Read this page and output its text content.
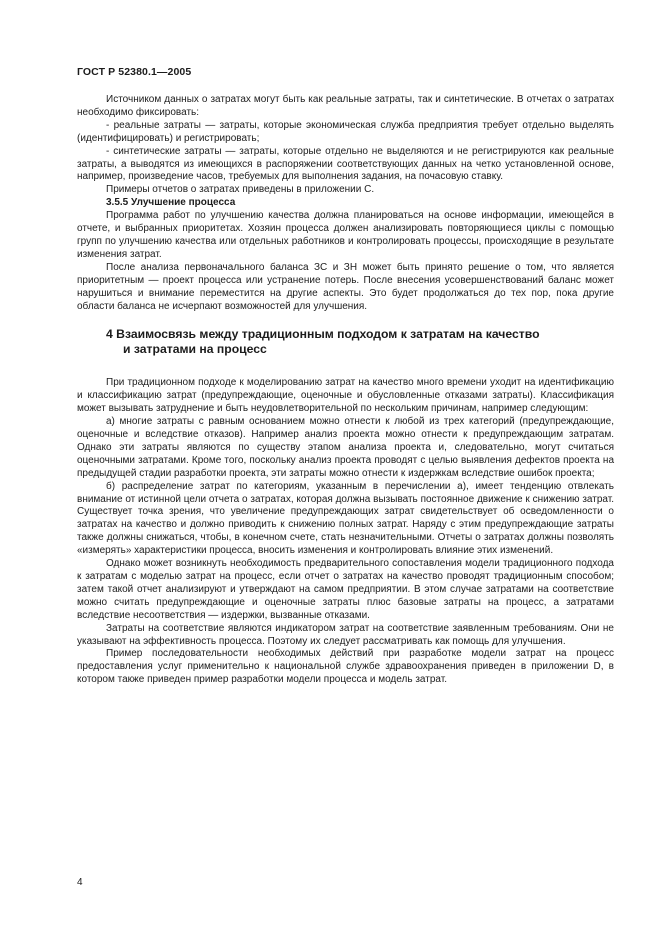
ГОСТ Р 52380.1—2005

Источником данных о затратах могут быть как реальные затраты, так и синтетические. В отчетах о затратах необходимо фиксировать:

- реальные затраты — затраты, которые экономическая служба предприятия требует отдельно выделять (идентифицировать) и регистрировать;

- синтетические затраты — затраты, которые отдельно не выделяются и не регистрируются как реальные затраты, а выводятся из имеющихся в распоряжении соответствующих данных на четко установленной основе, например, произведение часов, требуемых для выполнения задания, на почасовую ставку.

Примеры отчетов о затратах приведены в приложении С.

3.5.5 Улучшение процесса

Программа работ по улучшению качества должна планироваться на основе информации, имеющейся в отчете, и выбранных приоритетах. Хозяин процесса должен анализировать повторяющиеся циклы с помощью групп по улучшению качества или отдельных работников и контролировать процессы, происходящие в результате изменения затрат.

После анализа первоначального баланса ЗС и ЗН может быть принято решение о том, что является приоритетным — проект процесса или устранение потерь. После внесения усовершенствований баланс может нарушиться и внимание переместится на другие аспекты. Это будет продолжаться до тех пор, пока другие области баланса не исчерпают возможностей для улучшения.

4 Взаимосвязь между традиционным подходом к затратам на качество
и затратами на процесс

При традиционном подходе к моделированию затрат на качество много времени уходит на идентификацию и классификацию затрат (предупреждающие, оценочные и обусловленные отказами затраты). Классификация может вызывать затруднение и быть неудовлетворительной по нескольким причинам, например следующим:

а) многие затраты с равным основанием можно отнести к любой из трех категорий (предупреждающие, оценочные и вследствие отказов). Например анализ проекта можно отнести к предупреждающим затратам. Однако эти затраты являются по существу этапом анализа проекта и, следовательно, могут считаться оценочными затратами. Кроме того, поскольку анализ проекта проводят с целью выявления дефектов проекта на предыдущей стадии разработки проекта, эти затраты можно отнести к издержкам вследствие ошибок проекта;

б) распределение затрат по категориям, указанным в перечислении а), имеет тенденцию отвлекать внимание от истинной цели отчета о затратах, которая должна вызывать постоянное движение к снижению затрат. Существует точка зрения, что увеличение предупреждающих затрат свидетельствует об осведомленности о затратах на качество и должно приводить к снижению полных затрат. Наряду с этим предупреждающие затраты также должны снижаться, чтобы, в конечном счете, стать незначительными. Отчеты о затратах должны позволять «измерять» характеристики процесса, вносить изменения и контролировать влияние этих изменений.

Однако может возникнуть необходимость предварительного сопоставления модели традиционного подхода к затратам с моделью затрат на процесс, если отчет о затратах на качество проводят традиционным способом; затем такой отчет анализируют и утверждают на самом предприятии. В этом случае затратами на соответствие можно считать предупреждающие и оценочные затраты плюс базовые затраты на процесс, а затратами вследствие несоответствия — издержки, вызванные отказами.

Затраты на соответствие являются индикатором затрат на соответствие заявленным требованиям. Они не указывают на эффективность процесса. Поэтому их следует рассматривать как помощь для улучшения.

Пример последовательности необходимых действий при разработке модели затрат на процесс предоставления услуг применительно к национальной службе здравоохранения приведен в приложении D, в котором также приведен пример разработки модели процесса и модель затрат.

4
